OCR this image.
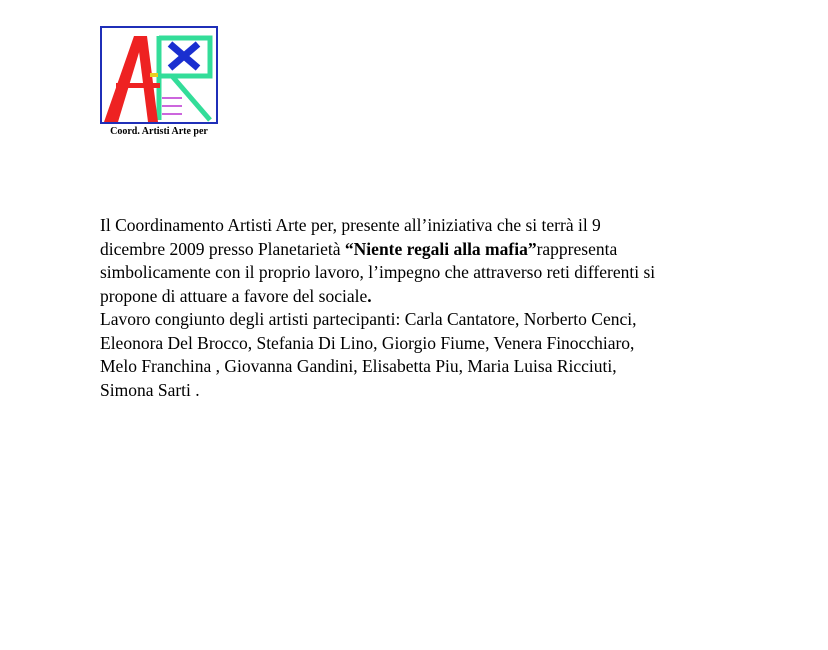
Coord. Artisti Arte per

Il Coordinamento Artisti Arte per, presente all’iniziativa che si terrà il 9

dicembre 2009 presso Planetarietà “Niente regali alla mafia”rappresenta

simbolicamente con il proprio lavoro, l’impegno che attraverso reti differenti si

propone di attuare a favore del sociale.

Lavoro congiunto degli artisti partecipanti: Carla Cantatore, Norberto Cenci,

Eleonora Del Brocco, Stefania Di Lino, Giorgio Fiume, Venera Finocchiaro,

Melo Franchina , Giovanna Gandini, Elisabetta Piu, Maria Luisa Ricciuti,

Simona Sarti .
